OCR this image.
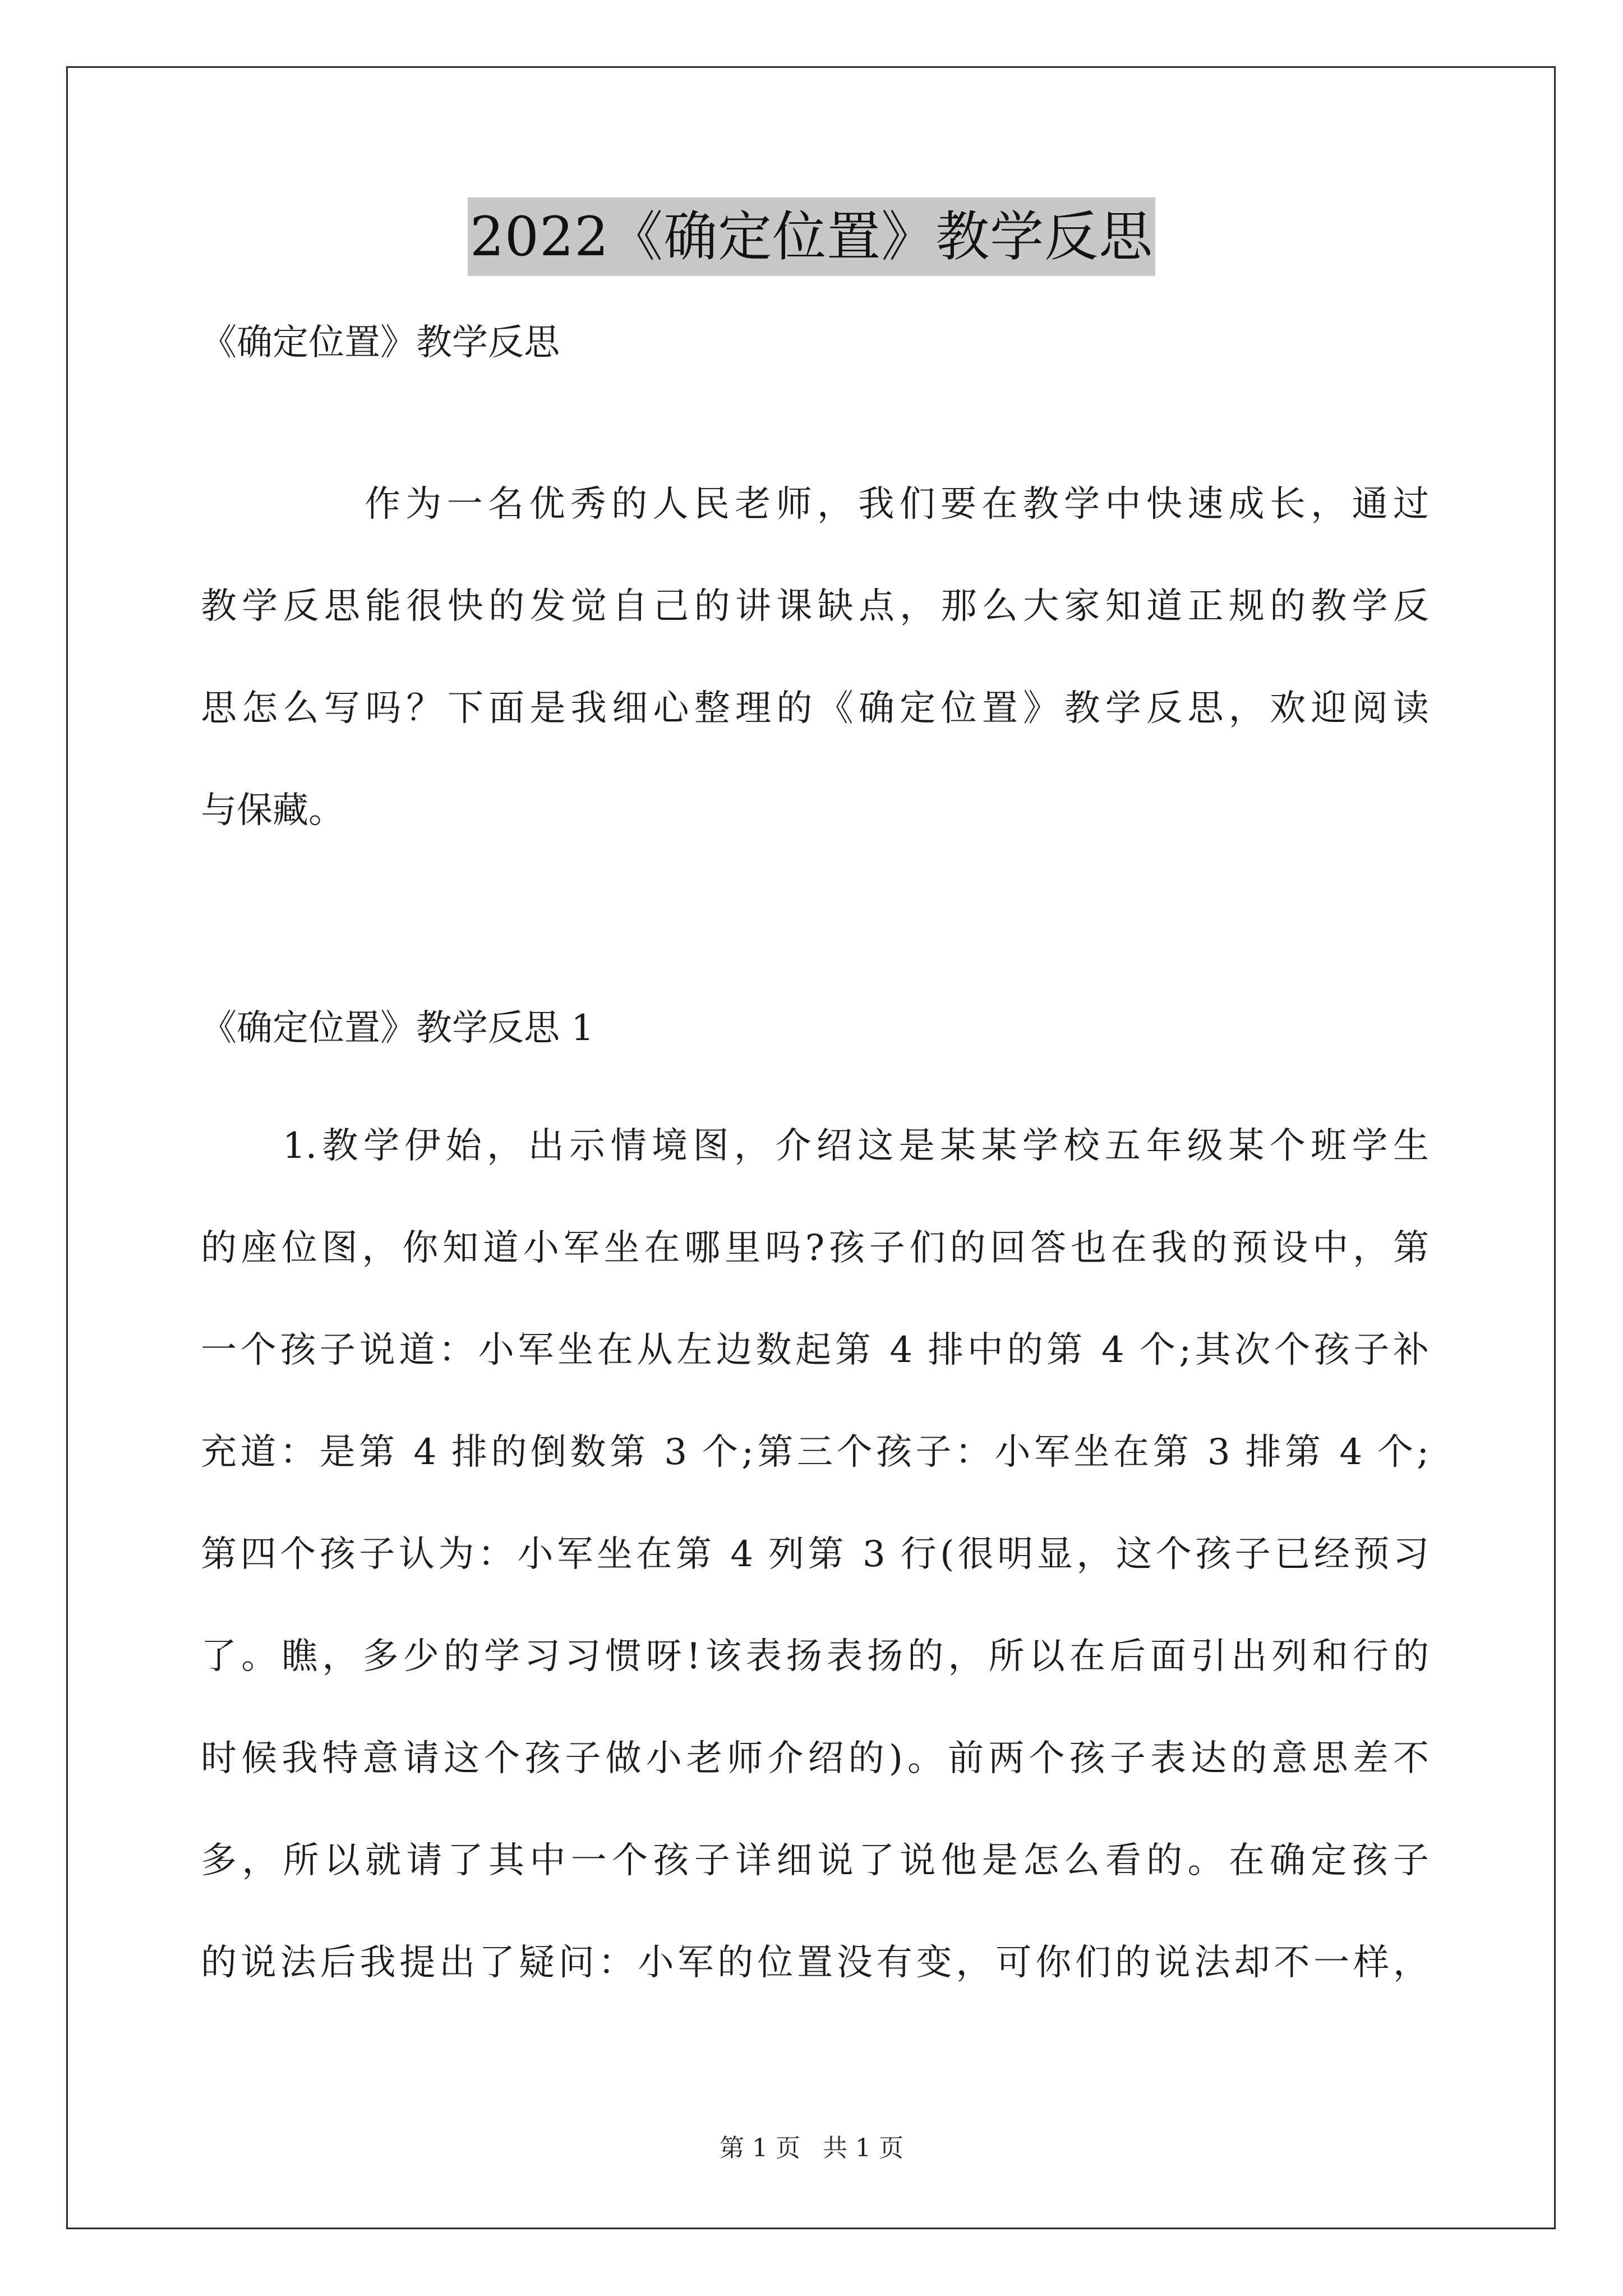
2022《确定位置》教学反思
《确定位置》教学反思
作为一名优秀的人民老师，我们要在教学中快速成长，通过
教学反思能很快的发觉自己的讲课缺点，那么大家知道正规的教学反
思怎么写吗？下面是我细心整理的《确定位置》教学反思，欢迎阅读
与保藏。
《确定位置》教学反思 1
1.教学伊始，出示情境图，介绍这是某某学校五年级某个班学生
的座位图，你知道小军坐在哪里吗?孩子们的回答也在我的预设中，第
一个孩子说道：小军坐在从左边数起第 4 排中的第 4 个;其次个孩子补
充道：是第 4 排的倒数第 3 个;第三个孩子：小军坐在第 3 排第 4 个;
第四个孩子认为：小军坐在第 4 列第 3 行(很明显，这个孩子已经预习
了。瞧，多少的学习习惯呀!该表扬表扬的，所以在后面引出列和行的
时候我特意请这个孩子做小老师介绍的)。前两个孩子表达的意思差不
多，所以就请了其中一个孩子详细说了说他是怎么看的。在确定孩子
的说法后我提出了疑问：小军的位置没有变，可你们的说法却不一样，
第 1 页 共 1 页
